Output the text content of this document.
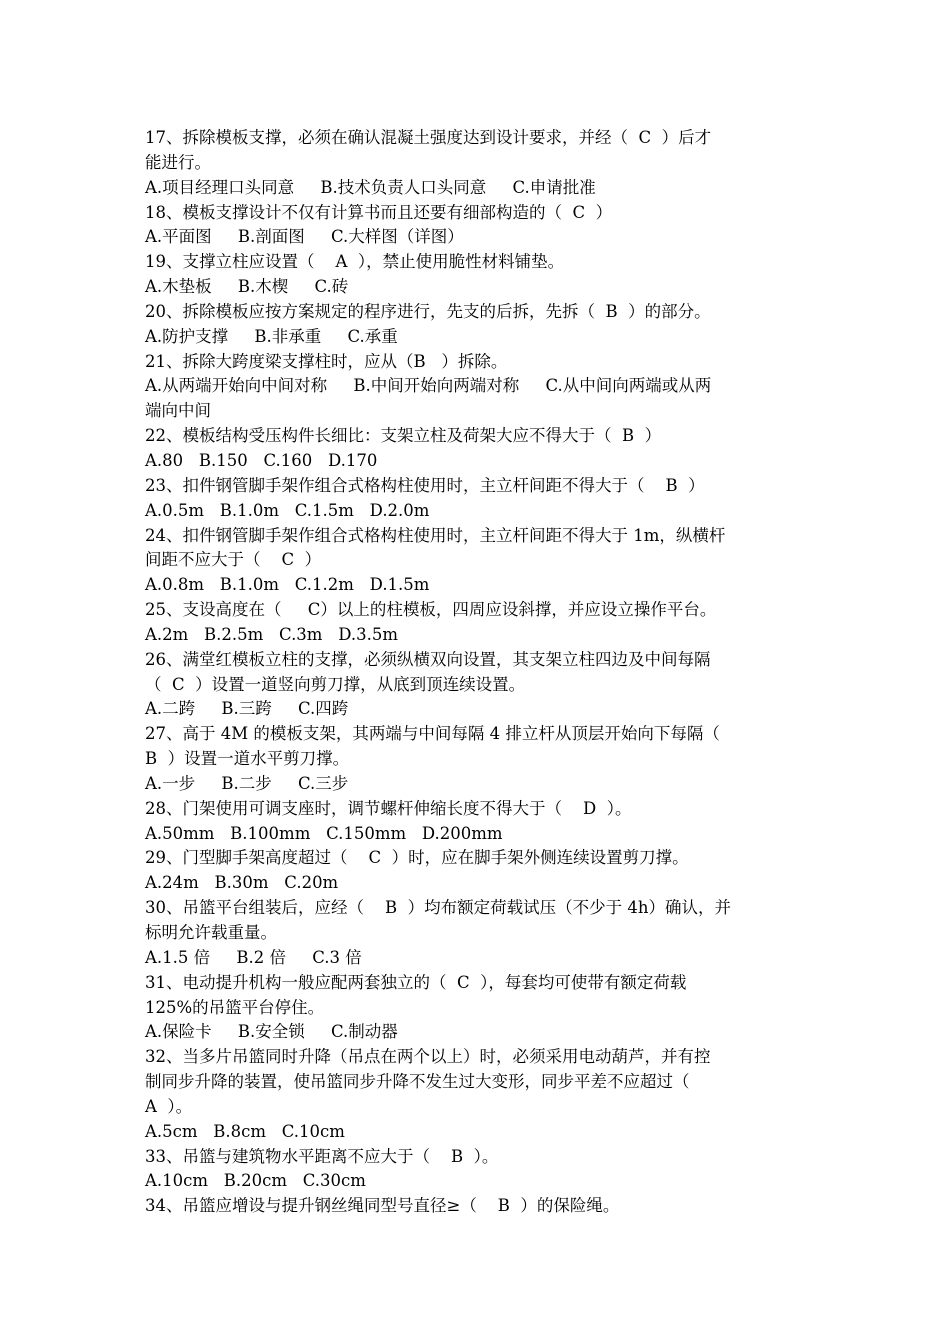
17、拆除模板支撑，必须在确认混凝土强度达到设计要求，并经（  C  ）后才
能进行。
A.项目经理口头同意     B.技术负责人口头同意     C.申请批准
18、模板支撑设计不仅有计算书而且还要有细部构造的（  C  ）
A.平面图     B.剖面图     C.大样图（详图）
19、支撑立柱应设置（    A  ），禁止使用脆性材料铺垫。
A.木垫板     B.木楔     C.砖
20、拆除模板应按方案规定的程序进行，先支的后拆，先拆（  B  ）的部分。
A.防护支撑     B.非承重     C.承重
21、拆除大跨度梁支撑柱时，应从（B   ）拆除。
A.从两端开始向中间对称     B.中间开始向两端对称     C.从中间向两端或从两
端向中间
22、模板结构受压构件长细比：支架立柱及荷架大应不得大于（  B  ）
A.80   B.150   C.160   D.170
23、扣件钢管脚手架作组合式格构柱使用时，主立杆间距不得大于（    B  ）
A.0.5m   B.1.0m   C.1.5m   D.2.0m
24、扣件钢管脚手架作组合式格构柱使用时，主立杆间距不得大于 1m，纵横杆
间距不应大于（    C  ）
A.0.8m   B.1.0m   C.1.2m   D.1.5m
25、支设高度在（     C）以上的柱模板，四周应设斜撑，并应设立操作平台。
A.2m   B.2.5m   C.3m   D.3.5m
26、满堂红模板立柱的支撑，必须纵横双向设置，其支架立柱四边及中间每隔
（  C  ）设置一道竖向剪刀撑，从底到顶连续设置。
A.二跨     B.三跨     C.四跨
27、高于 4M 的模板支架，其两端与中间每隔 4 排立杆从顶层开始向下每隔（
B  ）设置一道水平剪刀撑。
A.一步     B.二步     C.三步
28、门架使用可调支座时，调节螺杆伸缩长度不得大于（    D  ）。
A.50mm   B.100mm   C.150mm   D.200mm
29、门型脚手架高度超过（    C  ）时，应在脚手架外侧连续设置剪刀撑。
A.24m   B.30m   C.20m
30、吊篮平台组装后，应经（    B  ）均布额定荷载试压（不少于 4h）确认，并
标明允许载重量。
A.1.5 倍     B.2 倍     C.3 倍
31、电动提升机构一般应配两套独立的（  C  ），每套均可使带有额定荷载
125%的吊篮平台停住。
A.保险卡     B.安全锁     C.制动器
32、当多片吊篮同时升降（吊点在两个以上）时，必须采用电动葫芦，并有控
制同步升降的装置，使吊篮同步升降不发生过大变形，同步平差不应超过（
A  ）。
A.5cm   B.8cm   C.10cm
33、吊篮与建筑物水平距离不应大于（    B  ）。
A.10cm   B.20cm   C.30cm
34、吊篮应增设与提升钢丝绳同型号直径≥（    B  ）的保险绳。
